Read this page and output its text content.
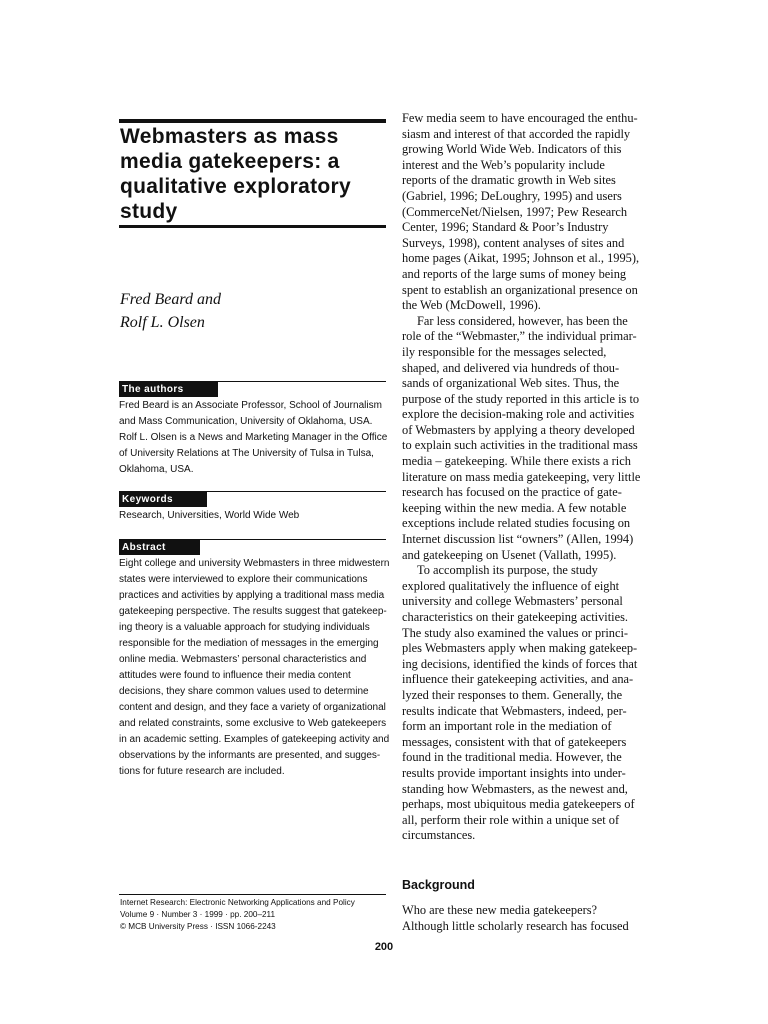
Webmasters as mass
media gatekeepers: a
qualitative exploratory
study
Fred Beard and
Rolf L. Olsen
The authors

Fred Beard is an Associate Professor, School of Journalism
and Mass Communication, University of Oklahoma, USA.
Rolf L. Olsen is a News and Marketing Manager in the Office
of University Relations at The University of Tulsa in Tulsa,
Oklahoma, USA.

Keywords

Research, Universities, World Wide Web

Abstract

Eight college and university Webmasters in three midwestern
states were interviewed to explore their communications
practices and activities by applying a traditional mass media
gatekeeping perspective. The results suggest that gatekeep-
ing theory is a valuable approach for studying individuals
responsible for the mediation of messages in the emerging
online media. Webmasters’ personal characteristics and
attitudes were found to influence their media content
decisions, they share common values used to determine
content and design, and they face a variety of organizational
and related constraints, some exclusive to Web gatekeepers
in an academic setting. Examples of gatekeeping activity and
observations by the informants are presented, and sugges-
tions for future research are included.

Internet Research: Electronic Networking Applications and Policy
Volume 9 · Number 3 · 1999 · pp. 200–211
© MCB University Press · ISSN 1066-2243

Few media seem to have encouraged the enthu-
siasm and interest of that accorded the rapidly
growing World Wide Web. Indicators of this
interest and the Web’s popularity include
reports of the dramatic growth in Web sites
(Gabriel, 1996; DeLoughry, 1995) and users
(CommerceNet/Nielsen, 1997; Pew Research
Center, 1996; Standard & Poor’s Industry
Surveys, 1998), content analyses of sites and
home pages (Aikat, 1995; Johnson et al., 1995),
and reports of the large sums of money being
spent to establish an organizational presence on
the Web (McDowell, 1996).

Far less considered, however, has been the
role of the “Webmaster,” the individual primar-
ily responsible for the messages selected,
shaped, and delivered via hundreds of thou-
sands of organizational Web sites. Thus, the
purpose of the study reported in this article is to
explore the decision-making role and activities
of Webmasters by applying a theory developed
to explain such activities in the traditional mass
media – gatekeeping. While there exists a rich
literature on mass media gatekeeping, very little
research has focused on the practice of gate-
keeping within the new media. A few notable
exceptions include related studies focusing on
Internet discussion list “owners” (Allen, 1994)
and gatekeeping on Usenet (Vallath, 1995).

To accomplish its purpose, the study
explored qualitatively the influence of eight
university and college Webmasters’ personal
characteristics on their gatekeeping activities.
The study also examined the values or princi-
ples Webmasters apply when making gatekeep-
ing decisions, identified the kinds of forces that
influence their gatekeeping activities, and ana-
lyzed their responses to them. Generally, the
results indicate that Webmasters, indeed, per-
form an important role in the mediation of
messages, consistent with that of gatekeepers
found in the traditional media. However, the
results provide important insights into under-
standing how Webmasters, as the newest and,
perhaps, most ubiquitous media gatekeepers of
all, perform their role within a unique set of
circumstances.

Background

Who are these new media gatekeepers?
Although little scholarly research has focused

200
